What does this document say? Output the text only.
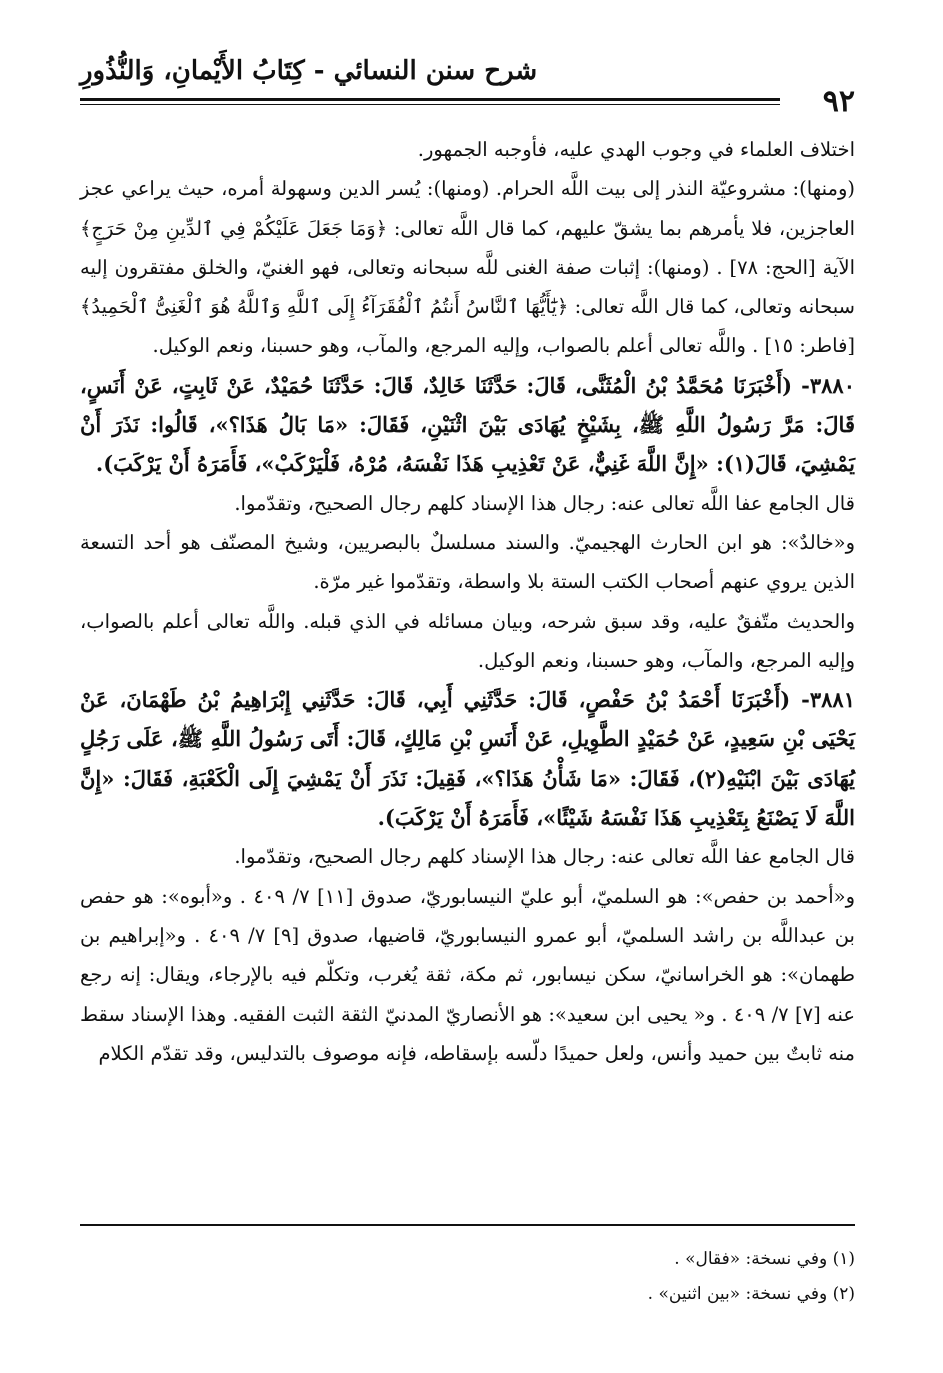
شرح سنن النسائي - كِتَابُ الأَيْمانِ، وَالنُّذُورِ
٩٢

اختلاف العلماء في وجوب الهدي عليه، فأوجبه الجمهور.

(ومنها): مشروعيّة النذر إلى بيت اللَّه الحرام. (ومنها): يُسر الدين وسهولة أمره، حيث يراعي عجز العاجزين، فلا يأمرهم بما يشقّ عليهم، كما قال اللَّه تعالى: ﴿وَمَا جَعَلَ عَلَيْكُمْ فِي ٱلدِّينِ مِنْ حَرَجٍ﴾ الآية [الحج: ٧٨] . (ومنها): إثبات صفة الغنى للَّه سبحانه وتعالى، فهو الغنيّ، والخلق مفتقرون إليه سبحانه وتعالى، كما قال اللَّه تعالى: ﴿يَٰٓأَيُّهَا ٱلنَّاسُ أَنتُمُ ٱلْفُقَرَآءُ إِلَى ٱللَّهِ وَٱللَّهُ هُوَ ٱلْغَنِىُّ ٱلْحَمِيدُ﴾ [فاطر: ١٥] . واللَّه تعالى أعلم بالصواب، وإليه المرجع، والمآب، وهو حسبنا، ونعم الوكيل.

٣٨٨٠- (أَخْبَرَنَا مُحَمَّدُ بْنُ الْمُثَنَّى، قَالَ: حَدَّثَنَا خَالِدٌ، قَالَ: حَدَّثَنَا حُمَيْدٌ، عَنْ ثَابِتٍ، عَنْ أَنَسٍ، قَالَ: مَرَّ رَسُولُ اللَّهِ ﷺ، بِشَيْخٍ يُهَادَى بَيْنَ اثْنَيْنِ، فَقَالَ: «مَا بَالُ هَذَا؟»، قَالُوا: نَذَرَ أَنْ يَمْشِيَ، قَالَ(١): «إِنَّ اللَّهَ غَنِيٌّ، عَنْ تَعْذِيبِ هَذَا نَفْسَهُ، مُرْهُ، فَلْيَرْكَبْ»، فَأَمَرَهُ أَنْ يَرْكَبَ).

قال الجامع عفا اللَّه تعالى عنه: رجال هذا الإسناد كلهم رجال الصحيح، وتقدّموا.

و«خالدٌ»: هو ابن الحارث الهجيميّ. والسند مسلسلٌ بالبصريين، وشيخ المصنّف هو أحد التسعة الذين يروي عنهم أصحاب الكتب الستة بلا واسطة، وتقدّموا غير مرّة.

والحديث متّفقٌ عليه، وقد سبق شرحه، وبيان مسائله في الذي قبله. واللَّه تعالى أعلم بالصواب، وإليه المرجع، والمآب، وهو حسبنا، ونعم الوكيل.

٣٨٨١- (أَخْبَرَنَا أَحْمَدُ بْنُ حَفْصٍ، قَالَ: حَدَّثَنِي أَبِي، قَالَ: حَدَّثَنِي إِبْرَاهِيمُ بْنُ طَهْمَانَ، عَنْ يَحْيَى بْنِ سَعِيدٍ، عَنْ حُمَيْدٍ الطَّوِيلِ، عَنْ أَنَسِ بْنِ مَالِكٍ، قَالَ: أَتَى رَسُولُ اللَّهِ ﷺ، عَلَى رَجُلٍ يُهَادَى بَيْنَ ابْنَيْهِ(٢)، فَقَالَ: «مَا شَأْنُ هَذَا؟»، فَقِيلَ: نَذَرَ أَنْ يَمْشِيَ إِلَى الْكَعْبَةِ، فَقَالَ: «إِنَّ اللَّهَ لَا يَصْنَعُ بِتَعْذِيبِ هَذَا نَفْسَهُ شَيْئًا»، فَأَمَرَهُ أَنْ يَرْكَبَ).

قال الجامع عفا اللَّه تعالى عنه: رجال هذا الإسناد كلهم رجال الصحيح، وتقدّموا.

و«أحمد بن حفص»: هو السلميّ، أبو عليّ النيسابوريّ، صدوق [١١] ٧/ ٤٠٩ . و«أبوه»: هو حفص بن عبداللَّه بن راشد السلميّ، أبو عمرو النيسابوريّ، قاضيها، صدوق [٩] ٧/ ٤٠٩ . و«إبراهيم بن طهمان»: هو الخراسانيّ، سكن نيسابور، ثم مكة، ثقة يُغرب، وتكلّم فيه بالإرجاء، ويقال: إنه رجع عنه [٧] ٧/ ٤٠٩ . و« يحيى ابن سعيد»: هو الأنصاريّ المدنيّ الثقة الثبت الفقيه. وهذا الإسناد سقط منه ثابتٌ بين حميد وأنس، ولعل حميدًا دلّسه بإسقاطه، فإنه موصوف بالتدليس، وقد تقدّم الكلام

(١) وفي نسخة: «فقال» .

(٢) وفي نسخة: «بين اثنين» .
